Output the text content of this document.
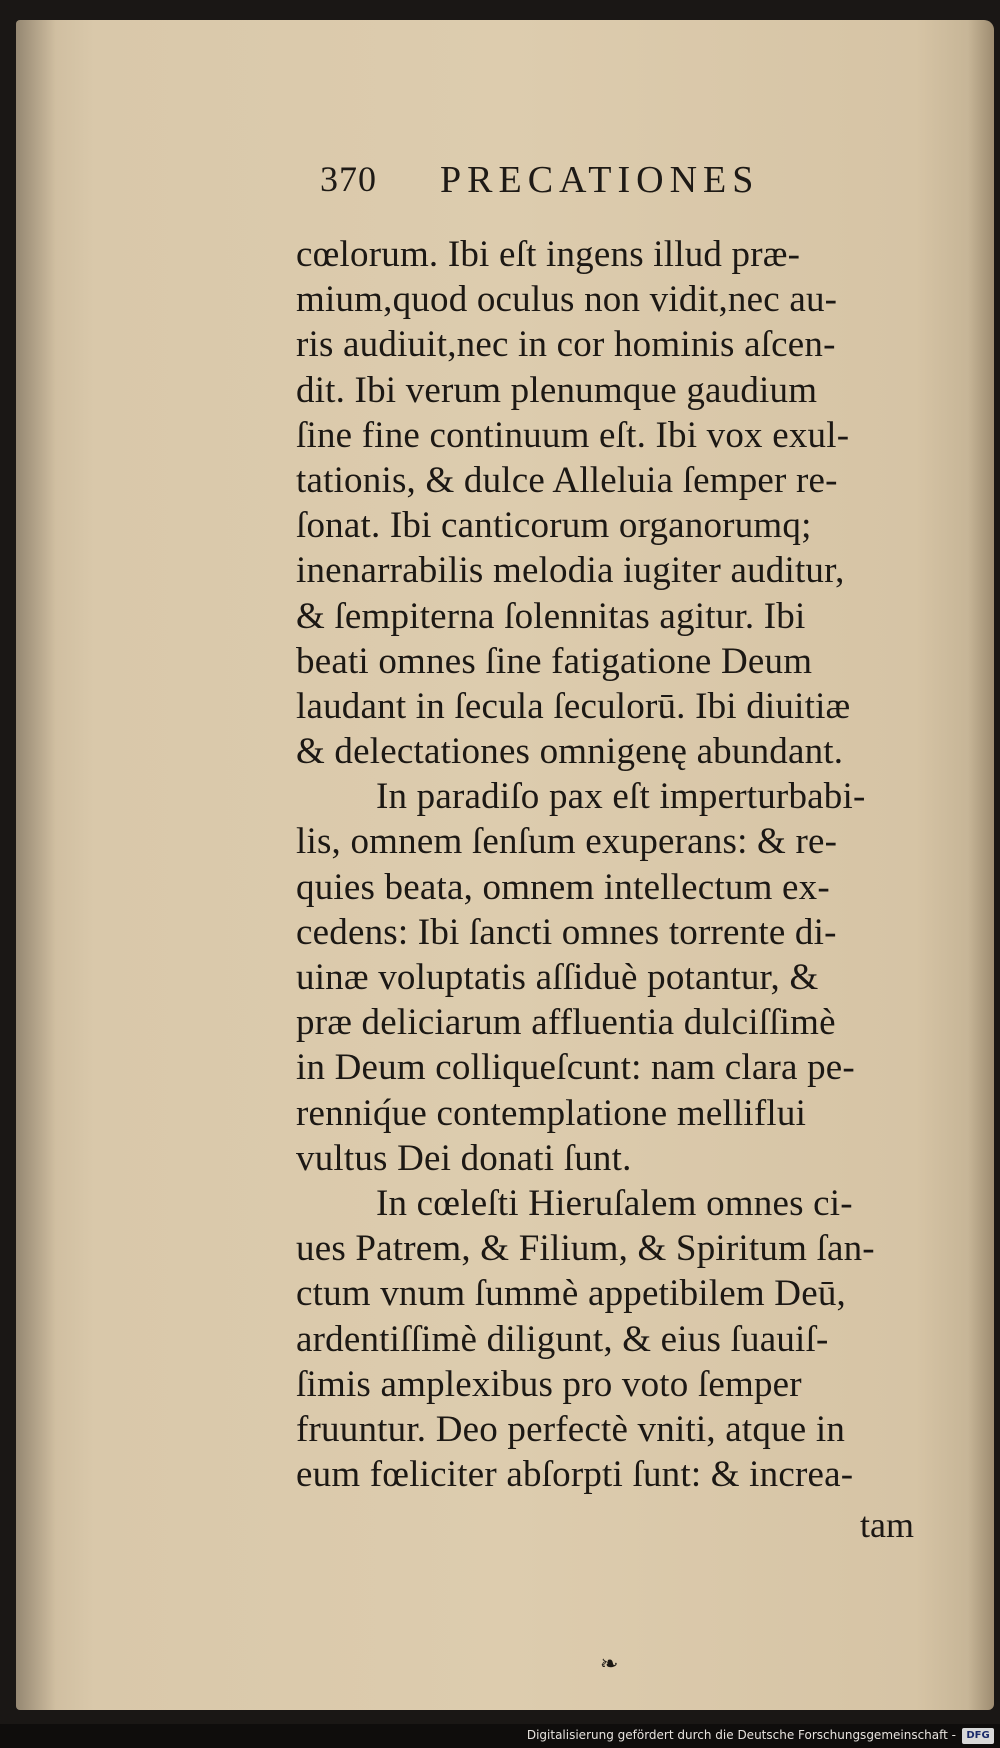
370 PRECATIONES
cœlorum. Ibi eſt ingens illud præ-
mium,quod oculus non vidit,nec au-
ris audiuit,nec in cor hominis aſcen-
dit. Ibi verum plenumque gaudium
ſine fine continuum eſt. Ibi vox exul-
tationis, & dulce Alleluia ſemper re-
ſonat. Ibi canticorum organorumq;
inenarrabilis melodia iugiter auditur,
& ſempiterna ſolennitas agitur. Ibi
beati omnes ſine fatigatione Deum
laudant in ſecula ſeculorū. Ibi diuitiæ
& delectationes omnigenę abundant.
In paradiſo pax eſt imperturbabi-
lis, omnem ſenſum exuperans: & re-
quies beata, omnem intellectum ex-
cedens: Ibi ſancti omnes torrente di-
uinæ voluptatis aſſiduè potantur, &
præ deliciarum affluentia dulciſſimè
in Deum colliqueſcunt: nam clara pe-
renniq́ue contemplatione melliflui
vultus Dei donati ſunt.
In cœleſti Hieruſalem omnes ci-
ues Patrem, & Filium, & Spiritum ſan-
ctum vnum ſummè appetibilem Deū,
ardentiſſimè diligunt, & eius ſuauiſ-
ſimis amplexibus pro voto ſemper
fruuntur. Deo perfectè vniti, atque in
eum fœliciter abſorpti ſunt: & increa-
tam
❧
Digitalisierung gefördert durch die Deutsche Forschungsgemeinschaft -	DFG
